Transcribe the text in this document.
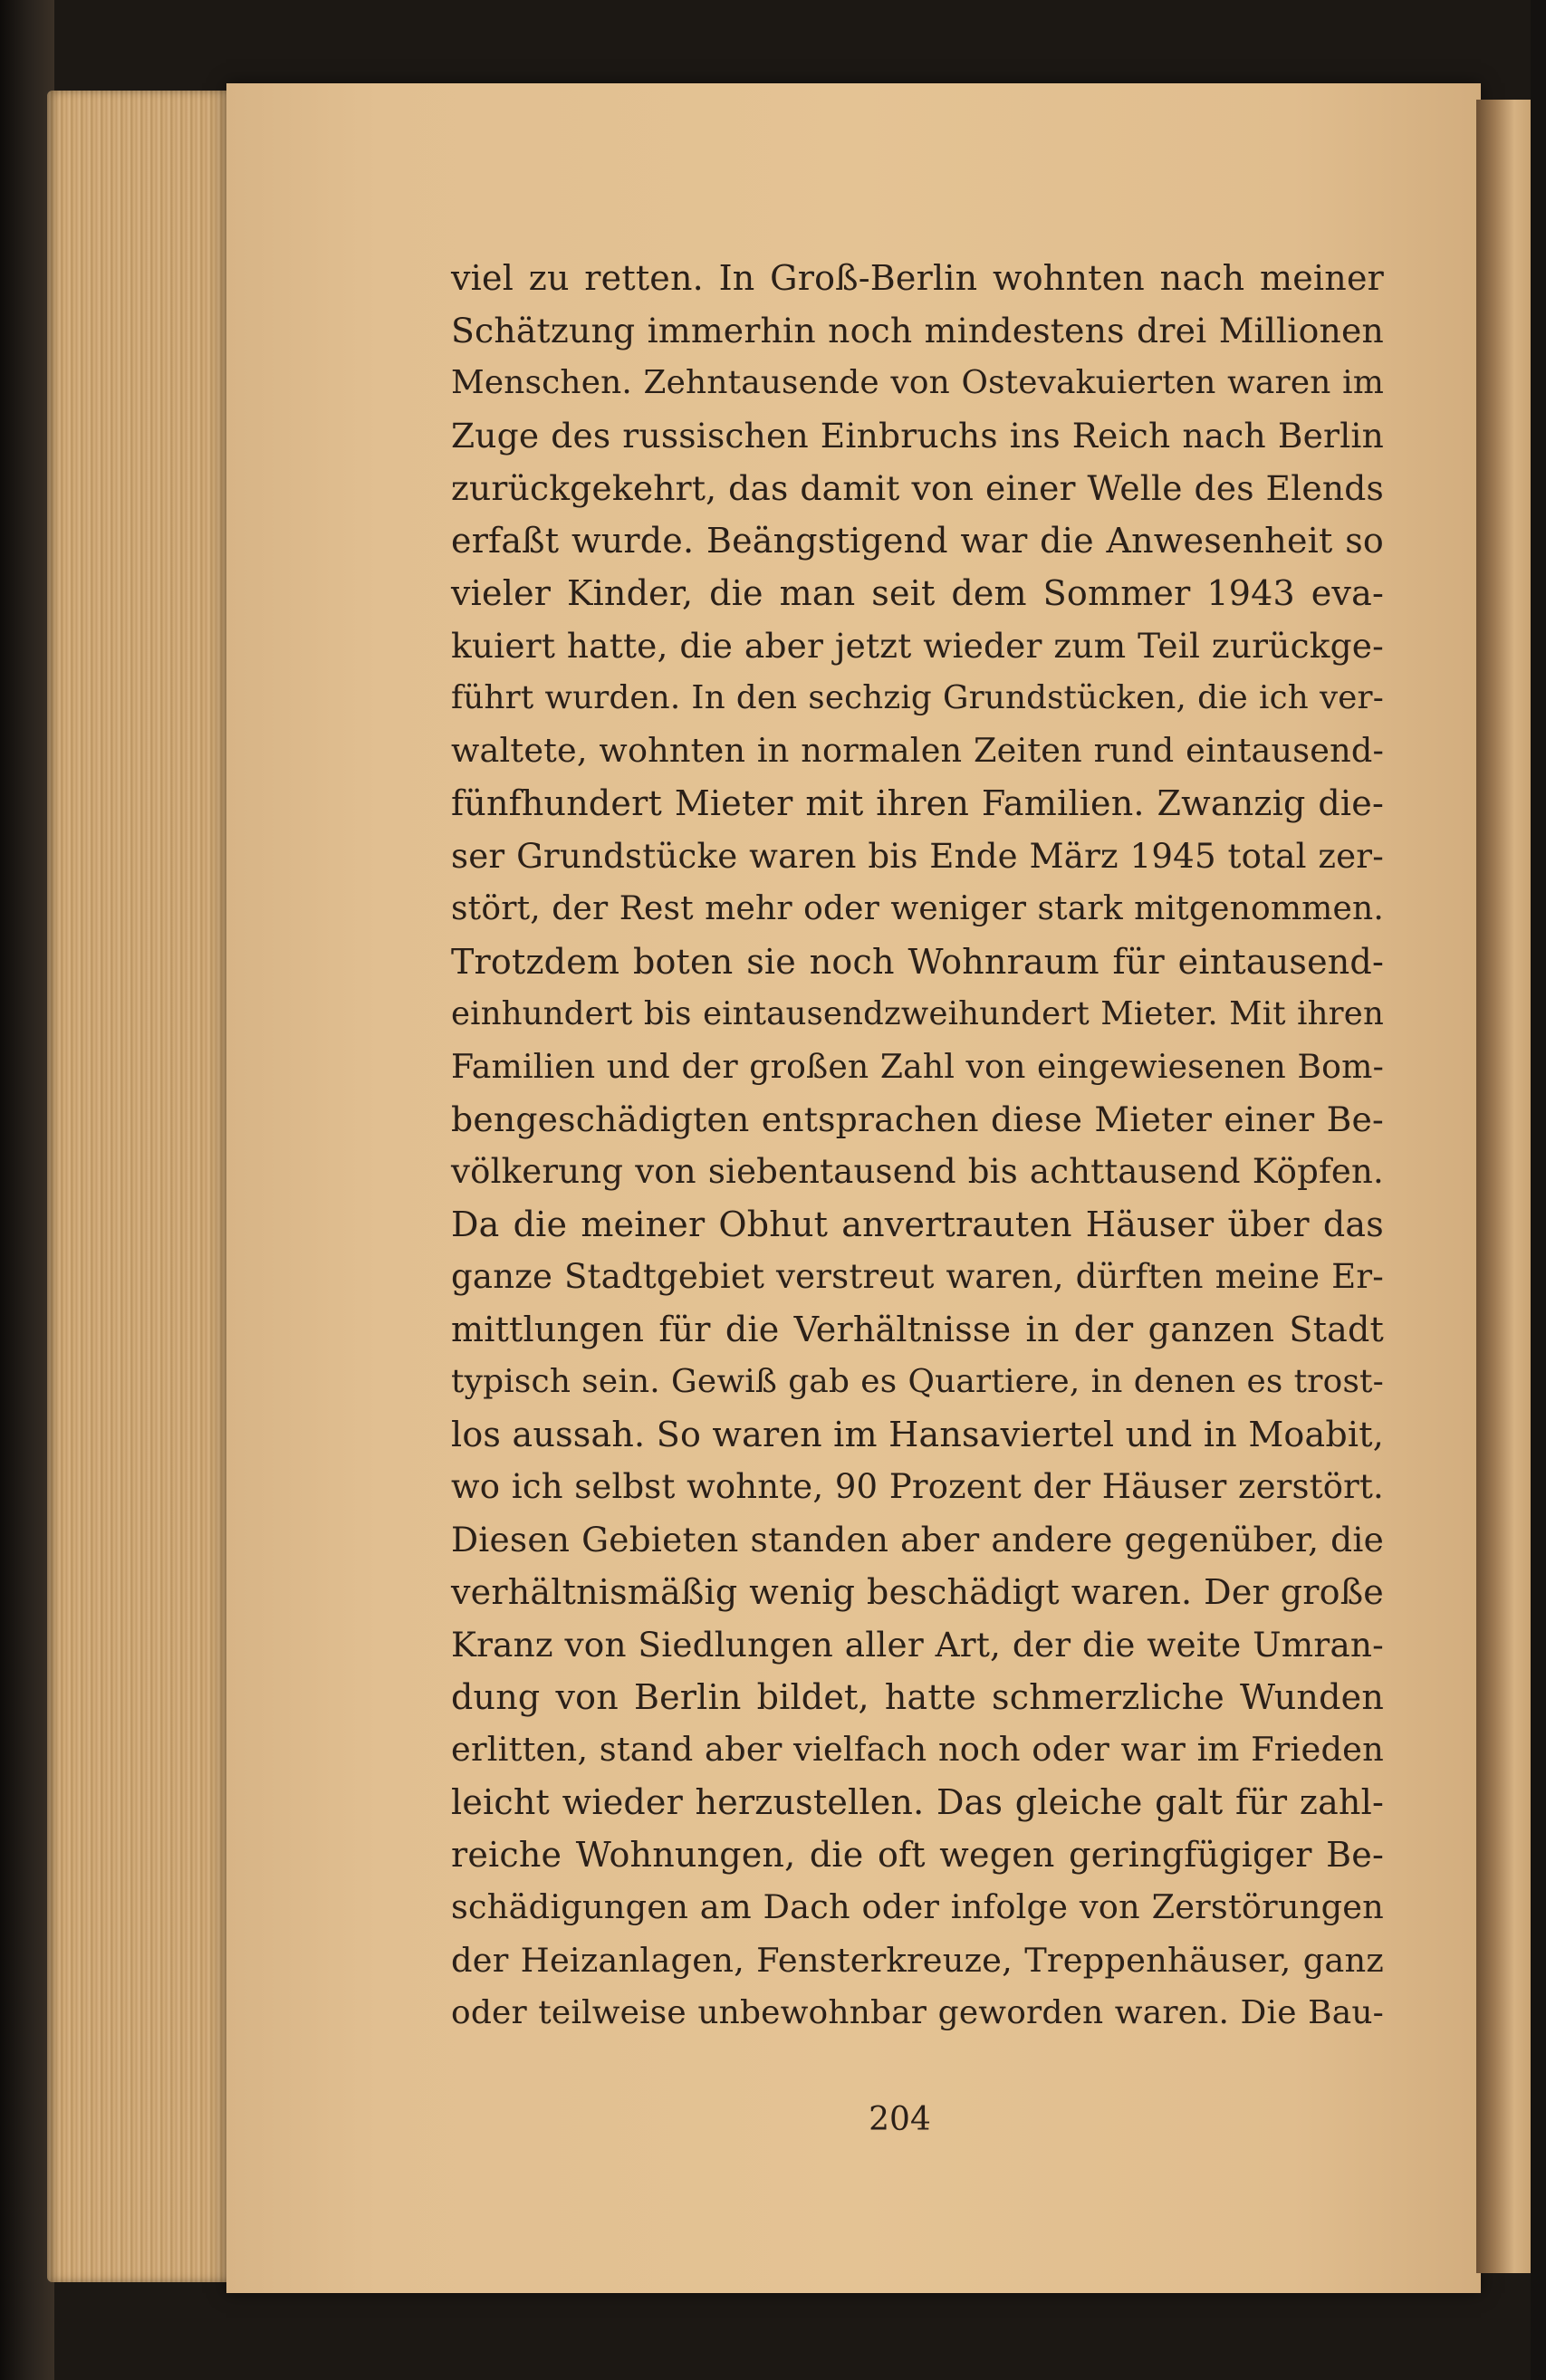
viel zu retten. In Groß-Berlin wohnten nach meiner
Schätzung immerhin noch mindestens drei Millionen
Menschen. Zehntausende von Ostevakuierten waren im
Zuge des russischen Einbruchs ins Reich nach Berlin
zurückgekehrt, das damit von einer Welle des Elends
erfaßt wurde. Beängstigend war die Anwesenheit so
vieler Kinder, die man seit dem Sommer 1943 eva-
kuiert hatte, die aber jetzt wieder zum Teil zurückge-
führt wurden. In den sechzig Grundstücken, die ich ver-
waltete, wohnten in normalen Zeiten rund eintausend-
fünfhundert Mieter mit ihren Familien. Zwanzig die-
ser Grundstücke waren bis Ende März 1945 total zer-
stört, der Rest mehr oder weniger stark mitgenommen.
Trotzdem boten sie noch Wohnraum für eintausend-
einhundert bis eintausendzweihundert Mieter. Mit ihren
Familien und der großen Zahl von eingewiesenen Bom-
bengeschädigten entsprachen diese Mieter einer Be-
völkerung von siebentausend bis achttausend Köpfen.
Da die meiner Obhut anvertrauten Häuser über das
ganze Stadtgebiet verstreut waren, dürften meine Er-
mittlungen für die Verhältnisse in der ganzen Stadt
typisch sein. Gewiß gab es Quartiere, in denen es trost-
los aussah. So waren im Hansaviertel und in Moabit,
wo ich selbst wohnte, 90 Prozent der Häuser zerstört.
Diesen Gebieten standen aber andere gegenüber, die
verhältnismäßig wenig beschädigt waren. Der große
Kranz von Siedlungen aller Art, der die weite Umran-
dung von Berlin bildet, hatte schmerzliche Wunden
erlitten, stand aber vielfach noch oder war im Frieden
leicht wieder herzustellen. Das gleiche galt für zahl-
reiche Wohnungen, die oft wegen geringfügiger Be-
schädigungen am Dach oder infolge von Zerstörungen
der Heizanlagen, Fensterkreuze, Treppenhäuser, ganz
oder teilweise unbewohnbar geworden waren. Die Bau-
204
